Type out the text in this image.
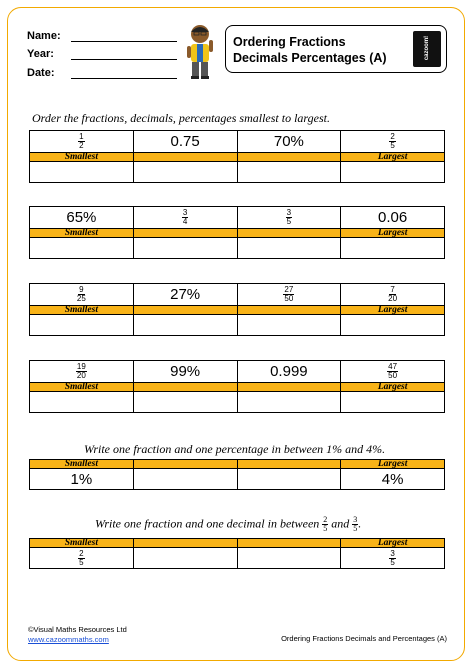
Name:
Year:
Date:
Ordering Fractions
Decimals Percentages (A)	cazoom!
Order the fractions, decimals, percentages smallest to largest.
$\frac{1}{2}$	0.75	70%	$\frac{2}{5}$

Smallest			Largest

65%	$\frac{3}{4}$	$\frac{3}{5}$	0.06
Smallest			Largest

$\frac{9}{25}$	27%	$\frac{27}{50}$	$\frac{7}{20}$

Smallest			Largest

$\frac{19}{20}$	99%	0.999	$\frac{47}{50}$

Smallest			Largest

Write one fraction and one percentage in between 1% and 4%.
Smallest			Largest
1%			4%
Write one fraction and one decimal in between $\frac{2}{5}$ and $\frac{3}{5}$ .
Smallest			Largest

$\frac{2}{5}$			$\frac{3}{5}$
©Visual Maths Resources Ltd
www.cazoommaths.com	Ordering Fractions Decimals and Percentages (A)
